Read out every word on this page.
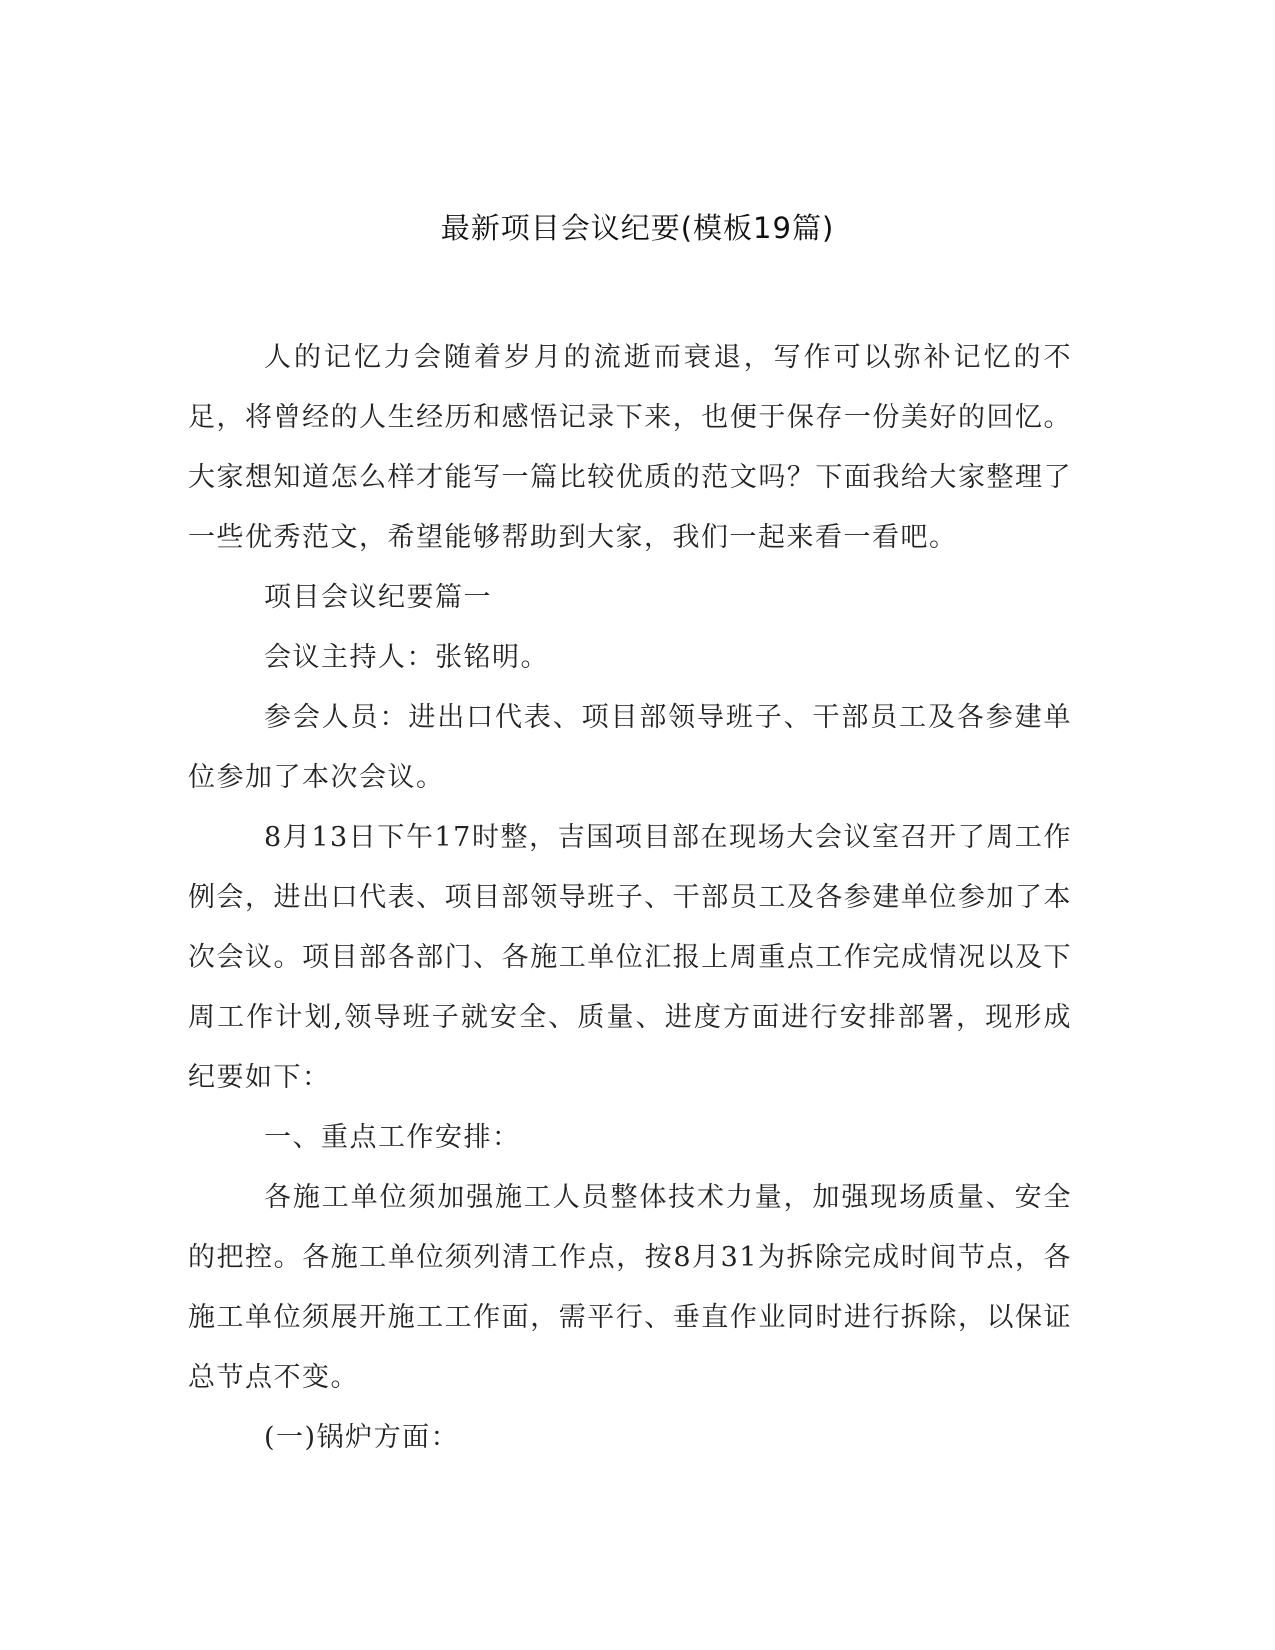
最新项目会议纪要(模板19篇)

人的记忆力会随着岁月的流逝而衰退，写作可以弥补记忆的不足，将曾经的人生经历和感悟记录下来，也便于保存一份美好的回忆。大家想知道怎么样才能写一篇比较优质的范文吗？下面我给大家整理了一些优秀范文，希望能够帮助到大家，我们一起来看一看吧。

项目会议纪要篇一

会议主持人：张铭明。

参会人员：进出口代表、项目部领导班子、干部员工及各参建单位参加了本次会议。

8月13日下午17时整，吉国项目部在现场大会议室召开了周工作例会，进出口代表、项目部领导班子、干部员工及各参建单位参加了本次会议。项目部各部门、各施工单位汇报上周重点工作完成情况以及下周工作计划,领导班子就安全、质量、进度方面进行安排部署，现形成纪要如下：

一、重点工作安排：

各施工单位须加强施工人员整体技术力量，加强现场质量、安全的把控。各施工单位须列清工作点，按8月31为拆除完成时间节点，各施工单位须展开施工工作面，需平行、垂直作业同时进行拆除，以保证总节点不变。

(一)锅炉方面：
